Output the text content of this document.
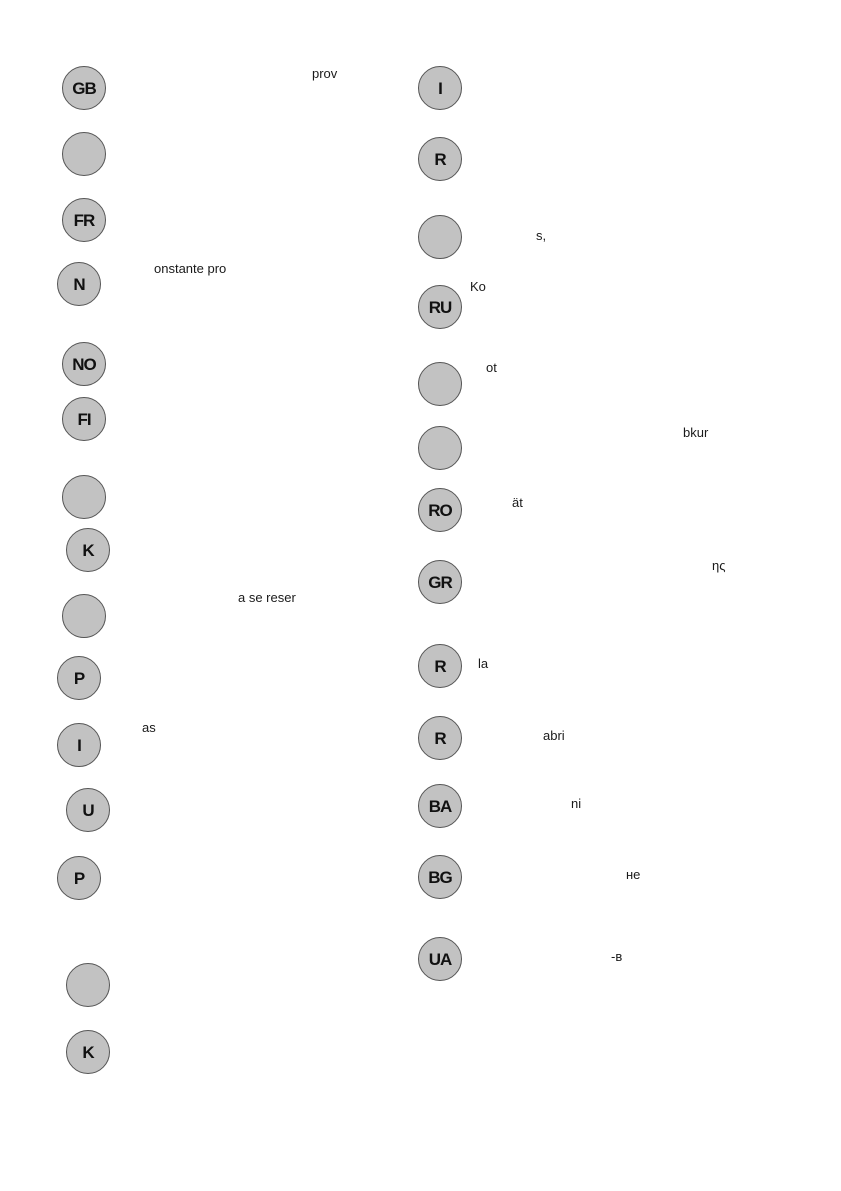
GB
FR
N
NO
FI
K
P
I
U
P
K
prov
onstante pro
a se reser
as
I
R
RU
RO
GR
R
R
BA
BG
UA
s,
Ko
ot
bkur
ät
ης
la
abri
ni
не
-в
